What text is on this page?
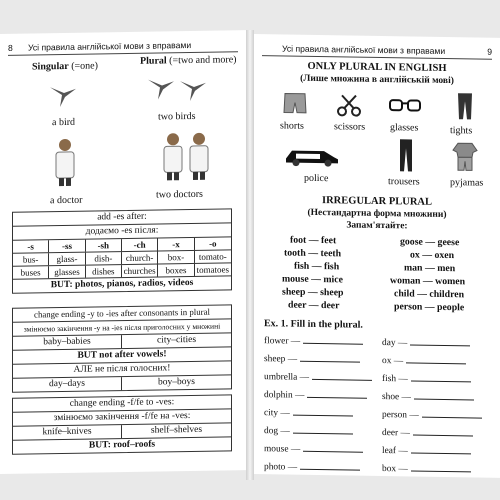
8 Усі правила англійської мови з вправами
Singular (=one)	Plural (=two and more)
a bird	two birds
a doctor	two doctors
add -es after:
додаємо -es після:
-s	-ss	-sh	-ch	-x	-o
bus-	glass-	dish-	church-	box-	tomato-
buses	glasses	dishes	churches	boxes	tomatoes
BUT: photos, pianos, radios, videos
change ending -y to -ies after consonants in plural
змінюємо закінчення -y на -ies після приголосних у множині
baby–babies	city–cities
BUT not after vowels!
АЛЕ не після голосних!
day–days	boy–boys
change ending -f/fe to -ves:
змінюємо закінчення -f/fe на -ves:
knife–knives	shelf–shelves
BUT: roof–roofs
Усі правила англійської мови з вправами	9
ONLY PLURAL IN ENGLISH
(Лише множина в англійській мові)
shorts	scissors glasses	tights
police	trousers	pyjamas
IRREGULAR PLURAL
(Нестандартна форма множини)
Запам'ятайте:
foot — feet
tooth — teeth
fish — fish
mouse — mice
sheep — sheep
deer — deer
goose — geese
ox — oxen
man — men
woman — women
child — children
person — people
Ex. 1. Fill in the plural.
flower —
sheep —
umbrella —
dolphin —
city —
dog —
mouse —
photo —
day —
ox —
fish —
shoe —
person —
deer —
leaf —
box —
